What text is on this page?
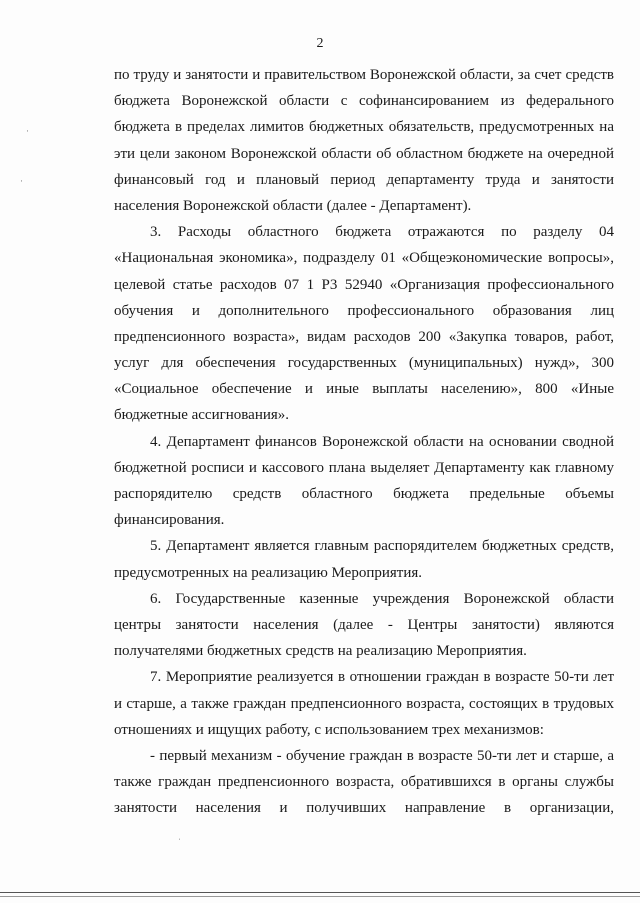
2
по труду и занятости и правительством Воронежской области, за счет средств
бюджета Воронежской области с софинансированием из федерального
бюджета в пределах лимитов бюджетных обязательств, предусмотренных на
эти цели законом Воронежской области об областном бюджете на очередной
финансовый год и плановый период департаменту труда и занятости
населения Воронежской области (далее - Департамент).
3. Расходы областного бюджета отражаются по разделу 04
«Национальная экономика», подразделу 01 «Общеэкономические вопросы»,
целевой статье расходов 07 1 Р3 52940 «Организация профессионального
обучения и дополнительного профессионального образования лиц
предпенсионного возраста», видам расходов 200 «Закупка товаров, работ,
услуг для обеспечения государственных (муниципальных) нужд», 300
«Социальное обеспечение и иные выплаты населению», 800 «Иные
бюджетные ассигнования».
4. Департамент финансов Воронежской области на основании сводной
бюджетной росписи и кассового плана выделяет Департаменту как главному
распорядителю средств областного бюджета предельные объемы
финансирования.
5. Департамент является главным распорядителем бюджетных средств,
предусмотренных на реализацию Мероприятия.
6. Государственные казенные учреждения Воронежской области
центры занятости населения (далее - Центры занятости) являются
получателями бюджетных средств на реализацию Мероприятия.
7. Мероприятие реализуется в отношении граждан в возрасте 50-ти лет
и старше, а также граждан предпенсионного возраста, состоящих в трудовых
отношениях и ищущих работу, с использованием трех механизмов:
- первый механизм - обучение граждан в возрасте 50-ти лет и старше, а
также граждан предпенсионного возраста, обратившихся в органы службы
занятости населения и получивших направление в организации,
·
·
ˌ
